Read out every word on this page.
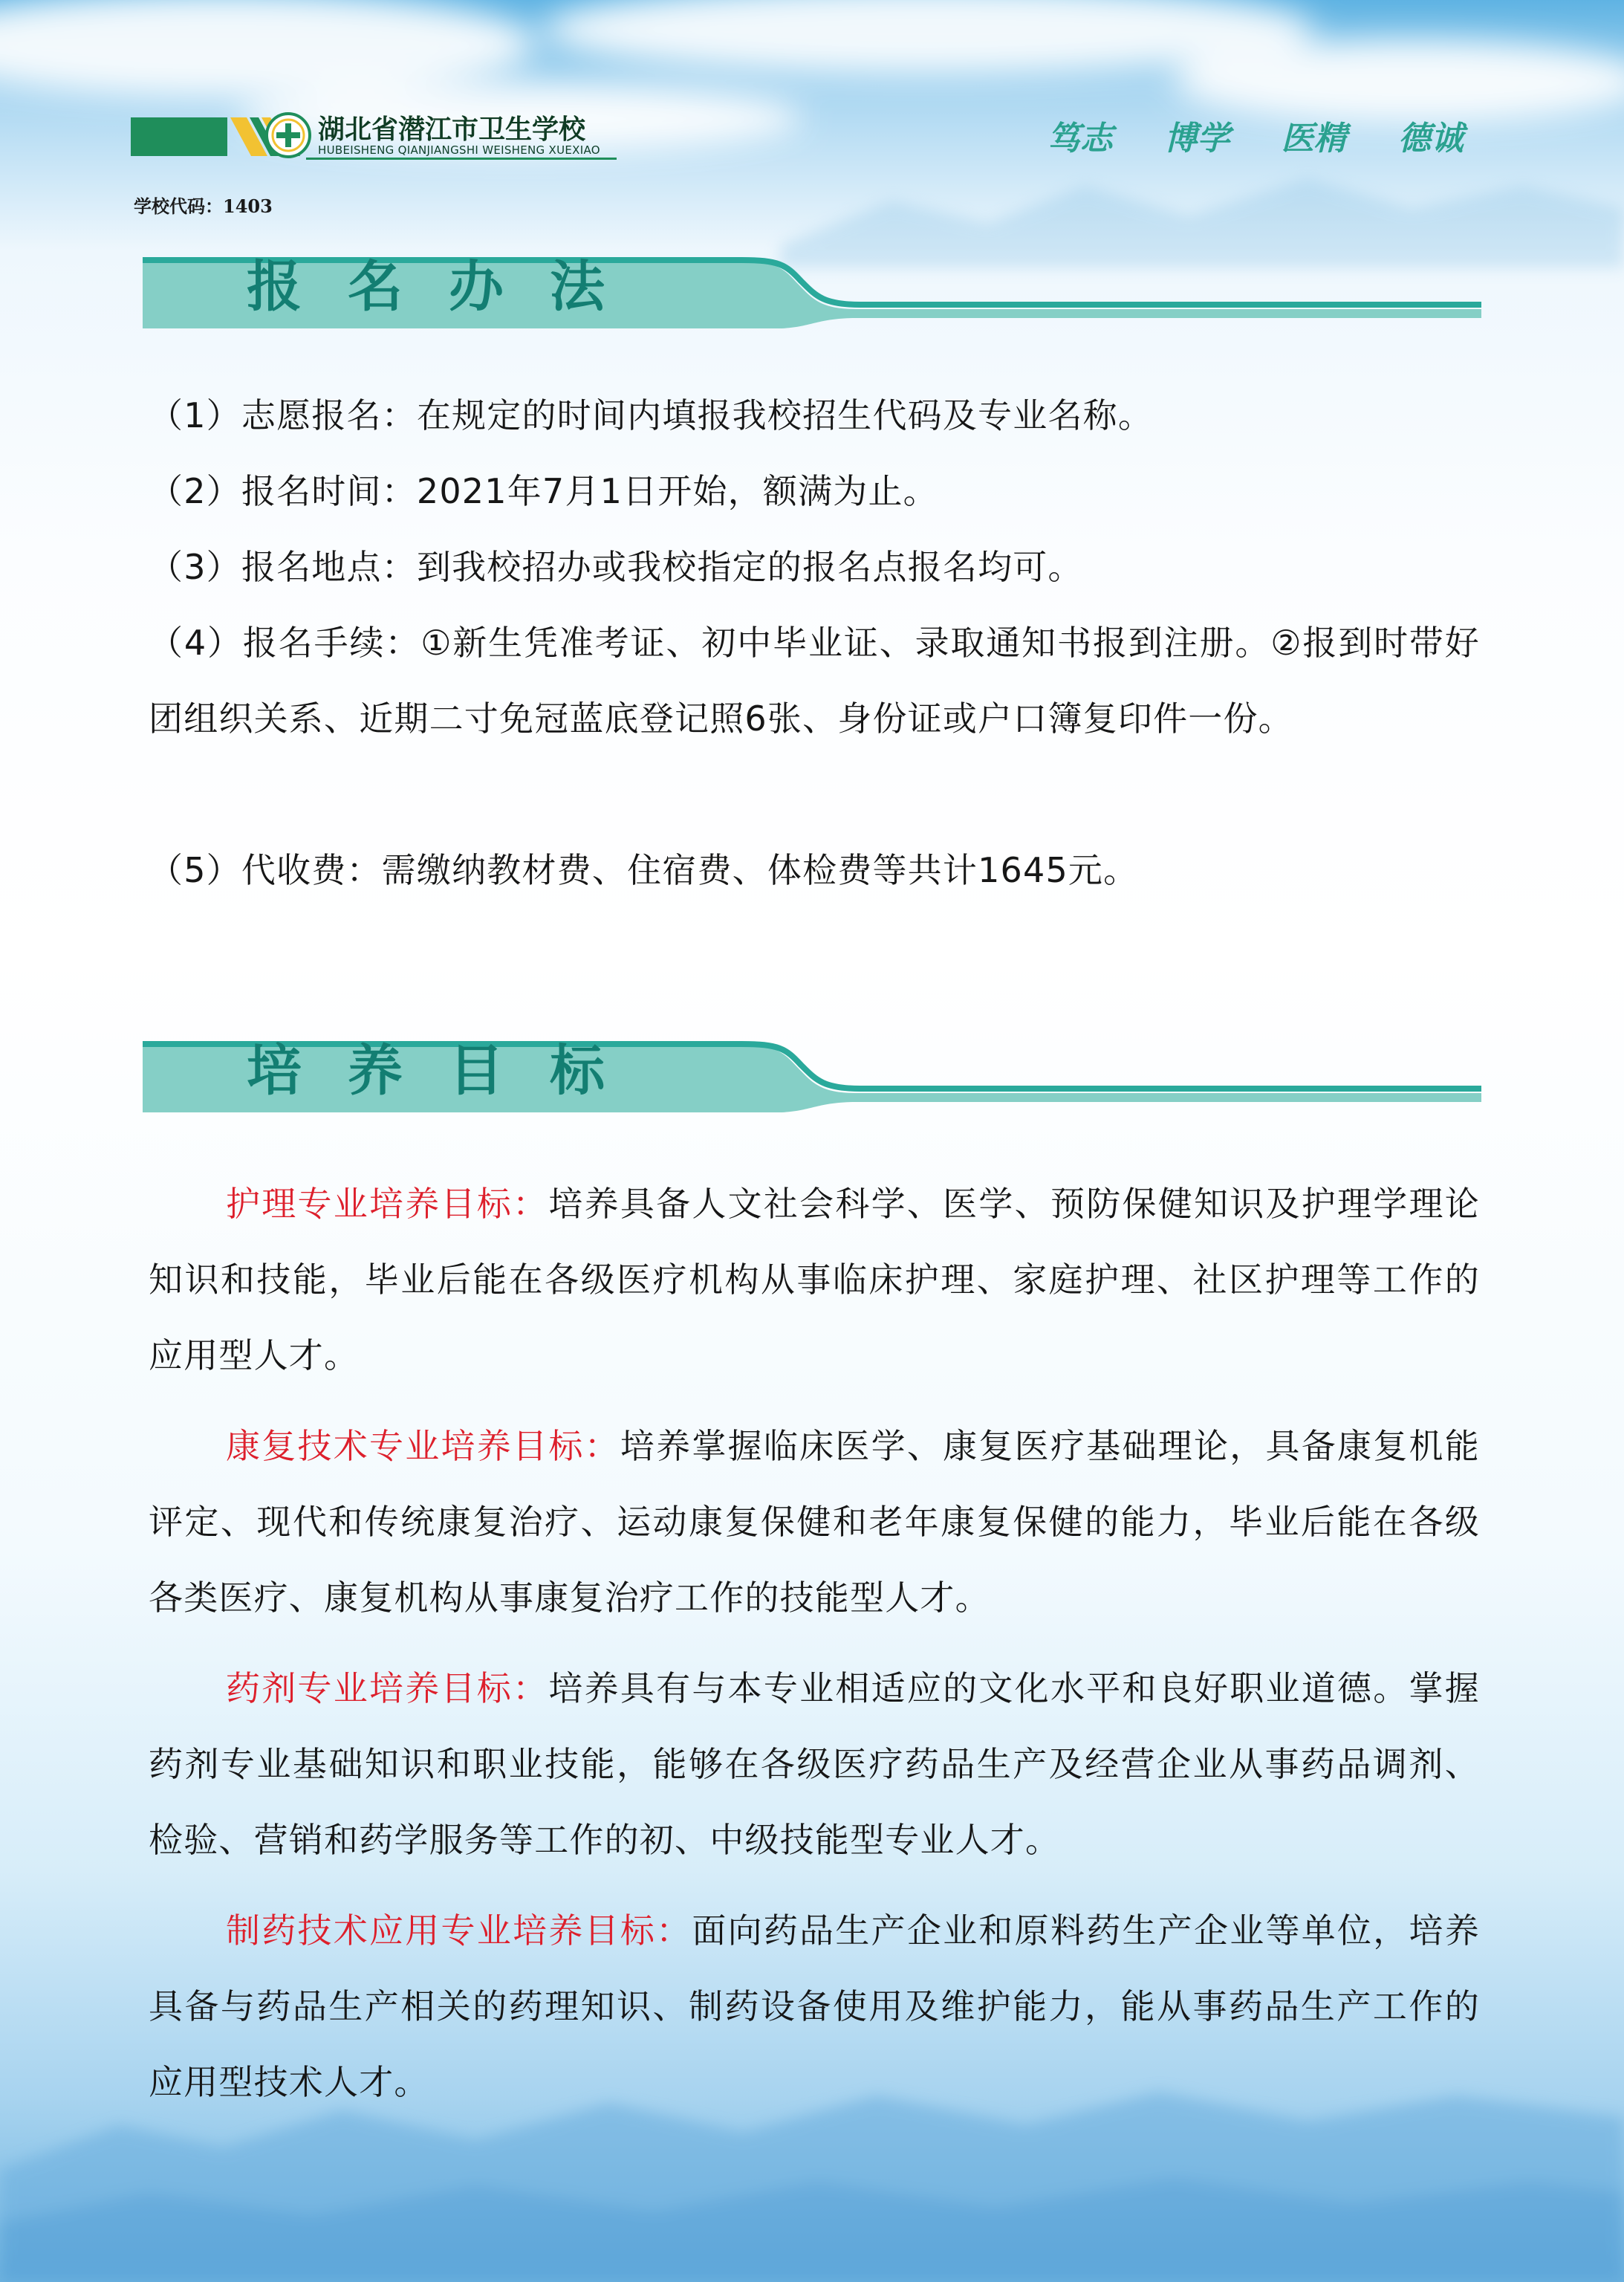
湖北省潜江市卫生学校
HUBEISHENG QIANJIANGSHI WEISHENG XUEXIAO	笃志 博学 医精 德诚
学校代码：1403
报名办法

（1）志愿报名：在规定的时间内填报我校招生代码及专业名称。

（2）报名时间：2021年7月1日开始，额满为止。

（3）报名地点：到我校招办或我校指定的报名点报名均可。

（4）报名手续：①新生凭准考证、初中毕业证、录取通知书报到注册。②报到时带好团组织关系、近期二寸免冠蓝底登记照6张、身份证或户口簿复印件一份。

（5）代收费：需缴纳教材费、住宿费、体检费等共计1645元。

培养目标

护理专业培养目标：培养具备人文社会科学、医学、预防保健知识及护理学理论知识和技能，毕业后能在各级医疗机构从事临床护理、家庭护理、社区护理等工作的应用型人才。

康复技术专业培养目标：培养掌握临床医学、康复医疗基础理论，具备康复机能评定、现代和传统康复治疗、运动康复保健和老年康复保健的能力，毕业后能在各级各类医疗、康复机构从事康复治疗工作的技能型人才。

药剂专业培养目标：培养具有与本专业相适应的文化水平和良好职业道德。掌握药剂专业基础知识和职业技能，能够在各级医疗药品生产及经营企业从事药品调剂、检验、营销和药学服务等工作的初、中级技能型专业人才。

制药技术应用专业培养目标：面向药品生产企业和原料药生产企业等单位，培养具备与药品生产相关的药理知识、制药设备使用及维护能力，能从事药品生产工作的应用型技术人才。
